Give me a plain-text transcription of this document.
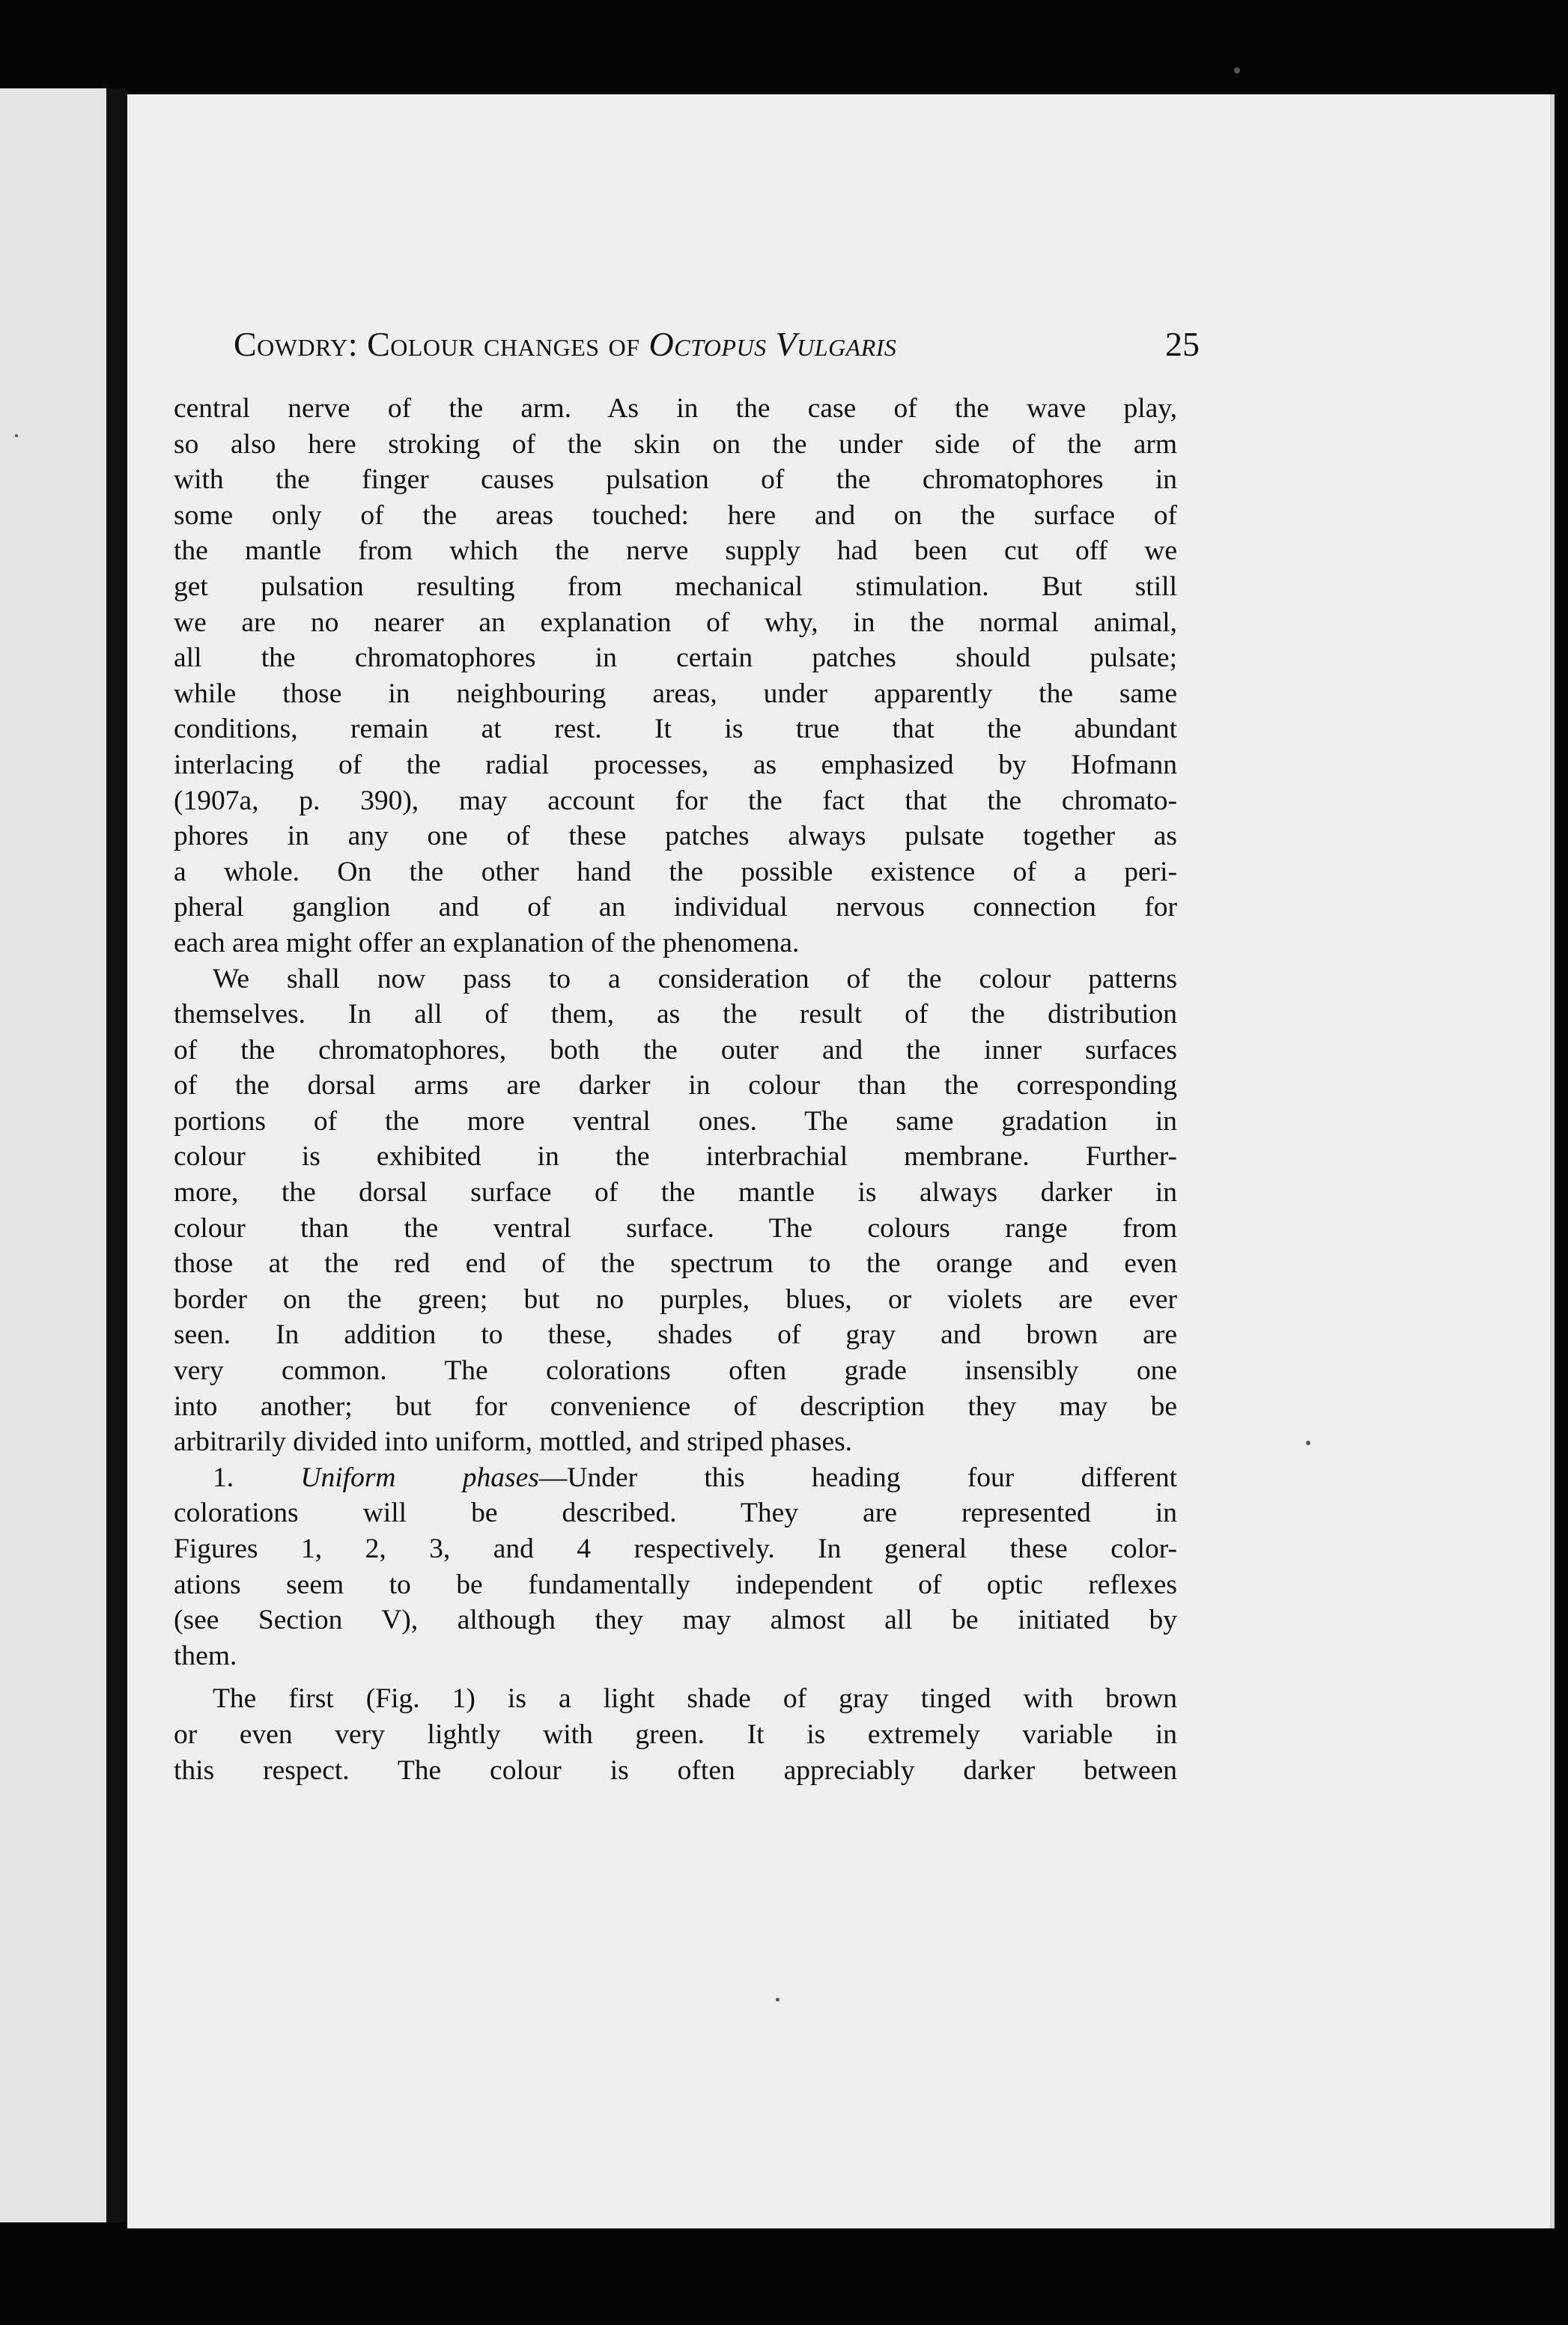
Cowdry: Colour changes of Octopus Vulgaris	25
central nerve of the arm. As in the case of the wave play,
so also here stroking of the skin on the under side of the arm
with the finger causes pulsation of the chromatophores in
some only of the areas touched: here and on the surface of
the mantle from which the nerve supply had been cut off we
get pulsation resulting from mechanical stimulation. But still
we are no nearer an explanation of why, in the normal animal,
all the chromatophores in certain patches should pulsate;
while those in neighbouring areas, under apparently the same
conditions, remain at rest. It is true that the abundant
interlacing of the radial processes, as emphasized by Hofmann
(1907a, p. 390), may account for the fact that the chromato-
phores in any one of these patches always pulsate together as
a whole. On the other hand the possible existence of a peri-
pheral ganglion and of an individual nervous connection for
each area might offer an explanation of the phenomena.
We shall now pass to a consideration of the colour patterns
themselves. In all of them, as the result of the distribution
of the chromatophores, both the outer and the inner surfaces
of the dorsal arms are darker in colour than the corresponding
portions of the more ventral ones. The same gradation in
colour is exhibited in the interbrachial membrane. Further-
more, the dorsal surface of the mantle is always darker in
colour than the ventral surface. The colours range from
those at the red end of the spectrum to the orange and even
border on the green; but no purples, blues, or violets are ever
seen. In addition to these, shades of gray and brown are
very common. The colorations often grade insensibly one
into another; but for convenience of description they may be
arbitrarily divided into uniform, mottled, and striped phases.
1. Uniform phases—Under this heading four different
colorations will be described. They are represented in
Figures 1, 2, 3, and 4 respectively. In general these color-
ations seem to be fundamentally independent of optic reflexes
(see Section V), although they may almost all be initiated by
them.
The first (Fig. 1) is a light shade of gray tinged with brown
or even very lightly with green. It is extremely variable in
this respect. The colour is often appreciably darker between
